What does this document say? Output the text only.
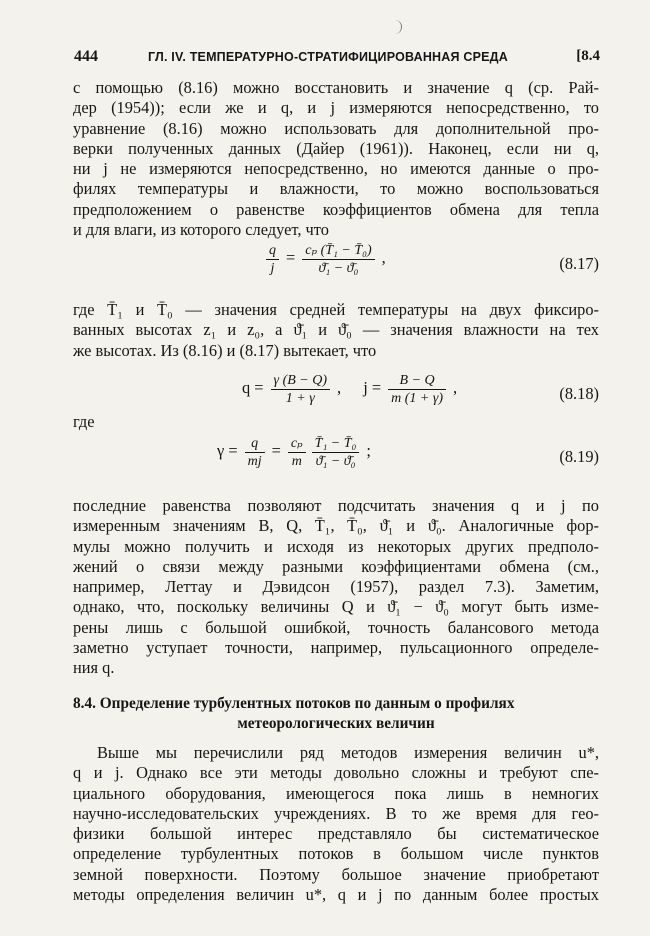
444	ГЛ. IV. ТЕМПЕРАТУРНО-СТРАТИФИЦИРОВАННАЯ СРЕДА	[8.4
с помощью (8.16) можно восстановить и значение q (ср. Рай-
дер (1954)); если же и q, и j измеряются непосредственно, то
уравнение (8.16) можно использовать для дополнительной про-
верки полученных данных (Дайер (1961)). Наконец, если ни q,
ни j не измеряются непосредственно, но имеются данные о про-
филях температуры и влажности, то можно воспользоваться
предположением о равенстве коэффициентов обмена для тепла
и для влаги, из которого следует, что
$\frac{q}{j} = \frac{\text{cₚ (T̄₁ − T̄₀)}}{\text{ϑ̄₁ − ϑ̄₀}}$ ,	(8.17)
где T̄₁ и T̄₀ — значения средней температуры на двух фиксиро-
ванных высотах z₁ и z₀, а ϑ̄₁ и ϑ̄₀ — значения влажности на тех
же высотах. Из (8.16) и (8.17) вытекает, что
$q = \frac{\gamma (B - Q)}{1 + \gamma}$ , $j = \frac{B - Q}{m (1 + \gamma)}$ ,	(8.18)
где
$\gamma = \frac{q}{mj} = \frac{\text{cₚ}}{m} \frac{\text{T̄₁ − T̄₀}}{\text{ϑ̄₁ − ϑ̄₀}}$ ;	(8.19)
последние равенства позволяют подсчитать значения q и j по
измеренным значениям B, Q, T̄₁, T̄₀, ϑ̄₁ и ϑ̄₀. Аналогичные фор-
мулы можно получить и исходя из некоторых других предполо-
жений о связи между разными коэффициентами обмена (см.,
например, Леттау и Дэвидсон (1957), раздел 7.3). Заметим,
однако, что, поскольку величины Q и ϑ̄₁ − ϑ̄₀ могут быть изме-
рены лишь с большой ошибкой, точность балансового метода
заметно уступает точности, например, пульсационного определе-
ния q.
8.4. Определение турбулентных потоков по данным о профилях
метеорологических величин
Выше мы перечислили ряд методов измерения величин u*,
q и j. Однако все эти методы довольно сложны и требуют спе-
циального оборудования, имеющегося пока лишь в немногих
научно-исследовательских учреждениях. В то же время для гео-
физики большой интерес представляло бы систематическое
определение турбулентных потоков в большом числе пунктов
земной поверхности. Поэтому большое значение приобретают
методы определения величин u*, q и j по данным более простых
